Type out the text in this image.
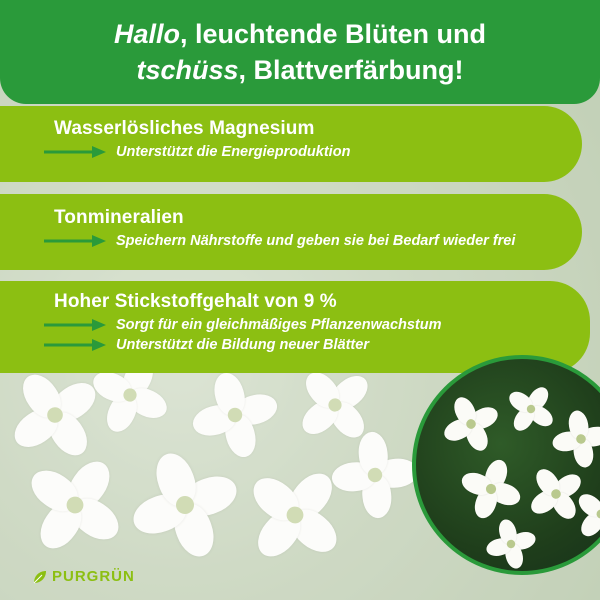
Hallo, leuchtende Blüten und
tschüss, Blattverfärbung!
Wasserlösliches Magnesium
Unterstützt die Energieproduktion
Tonmineralien
Speichern Nährstoffe und geben sie bei Bedarf wieder frei
Hoher Stickstoffgehalt von 9 %
Sorgt für ein gleichmäßiges Pflanzenwachstum
Unterstützt die Bildung neuer Blätter
PURGRÜN
